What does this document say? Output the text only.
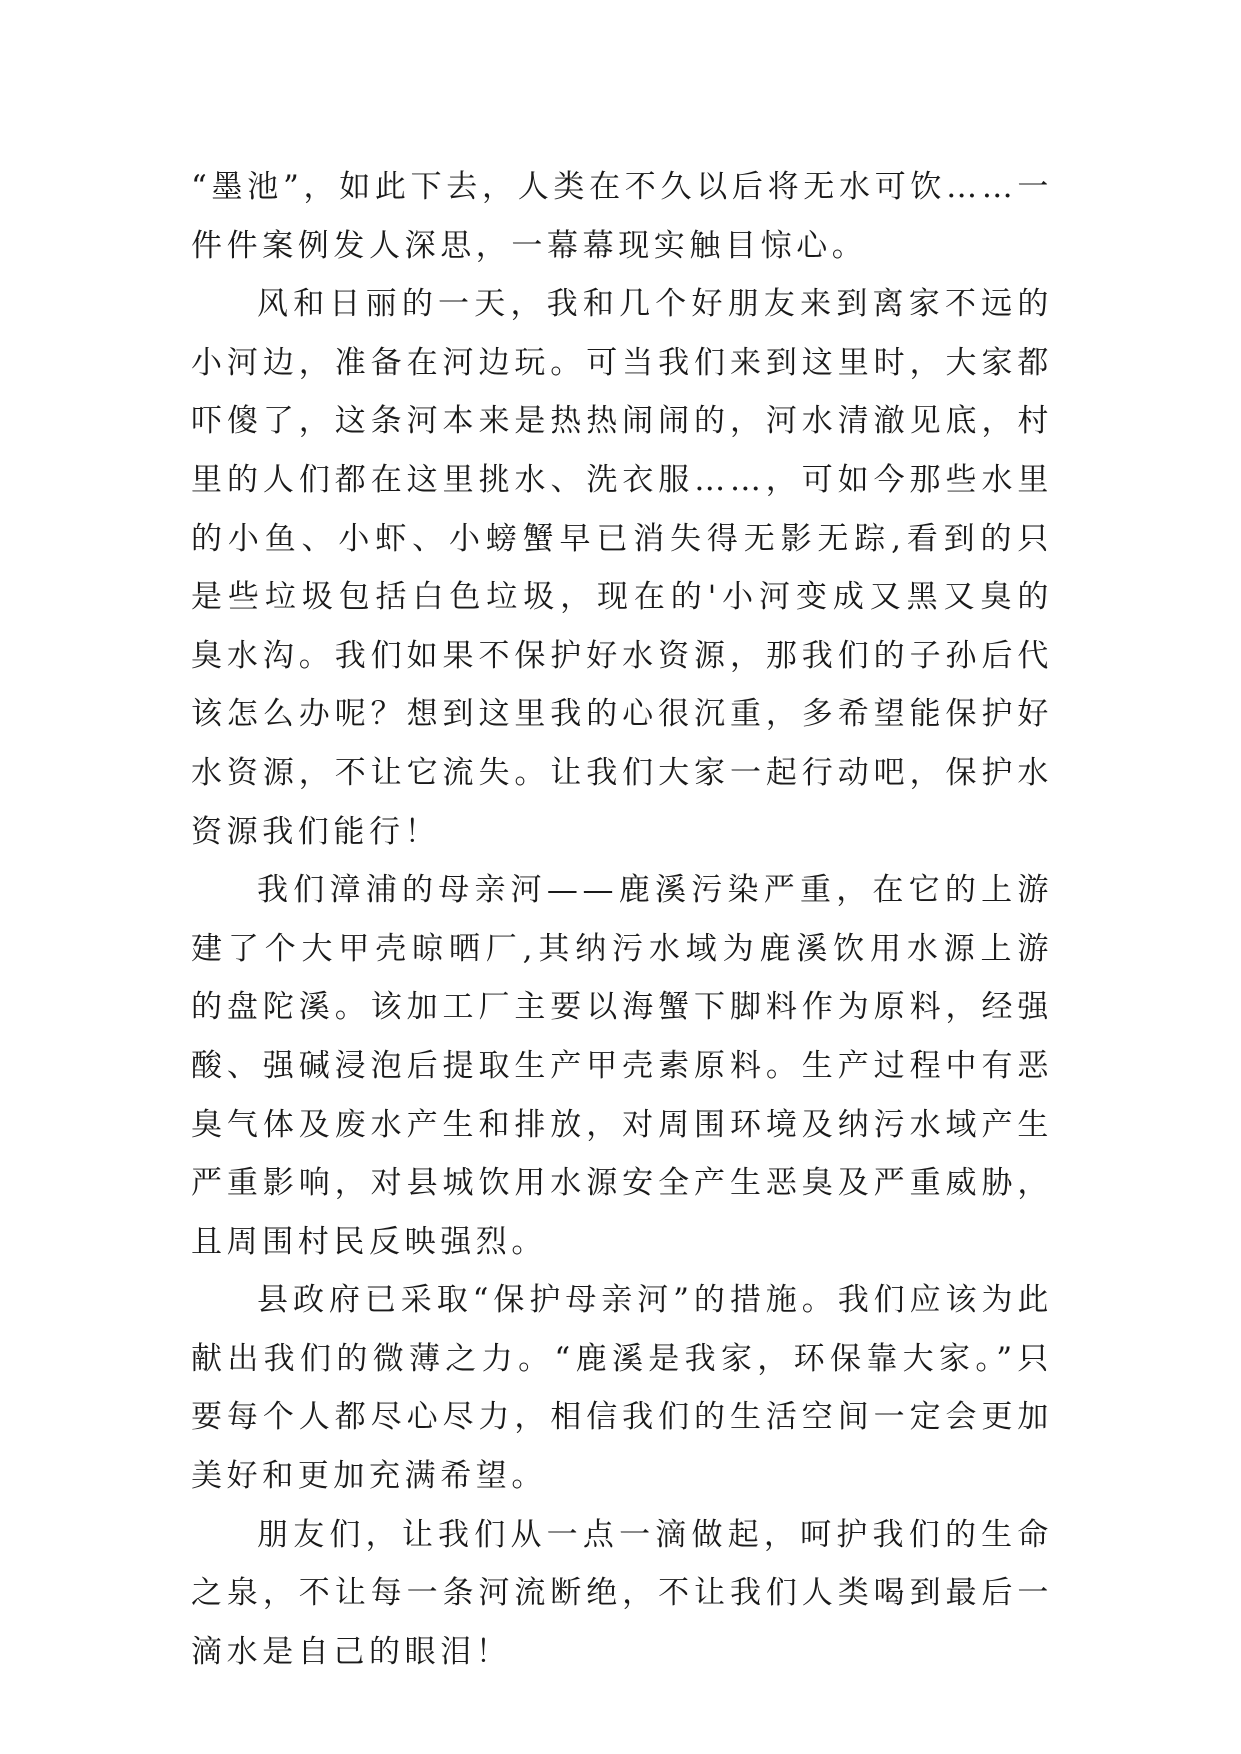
“墨池”，如此下去，人类在不久以后将无水可饮……一件件案例发人深思，一幕幕现实触目惊心。

风和日丽的一天，我和几个好朋友来到离家不远的小河边，准备在河边玩。可当我们来到这里时，大家都吓傻了，这条河本来是热热闹闹的，河水清澈见底，村里的人们都在这里挑水、洗衣服……，可如今那些水里的小鱼、小虾、小螃蟹早已消失得无影无踪,看到的只是些垃圾包括白色垃圾，现在的'小河变成又黑又臭的臭水沟。我们如果不保护好水资源，那我们的子孙后代该怎么办呢？想到这里我的心很沉重，多希望能保护好水资源，不让它流失。让我们大家一起行动吧，保护水资源我们能行！

我们漳浦的母亲河——鹿溪污染严重，在它的上游建了个大甲壳晾晒厂,其纳污水域为鹿溪饮用水源上游的盘陀溪。该加工厂主要以海蟹下脚料作为原料，经强酸、强碱浸泡后提取生产甲壳素原料。生产过程中有恶臭气体及废水产生和排放，对周围环境及纳污水域产生严重影响，对县城饮用水源安全产生恶臭及严重威胁，且周围村民反映强烈。

县政府已采取“保护母亲河”的措施。我们应该为此献出我们的微薄之力。“鹿溪是我家，环保靠大家。”只要每个人都尽心尽力，相信我们的生活空间一定会更加美好和更加充满希望。

朋友们，让我们从一点一滴做起，呵护我们的生命之泉，不让每一条河流断绝，不让我们人类喝到最后一滴水是自己的眼泪！
